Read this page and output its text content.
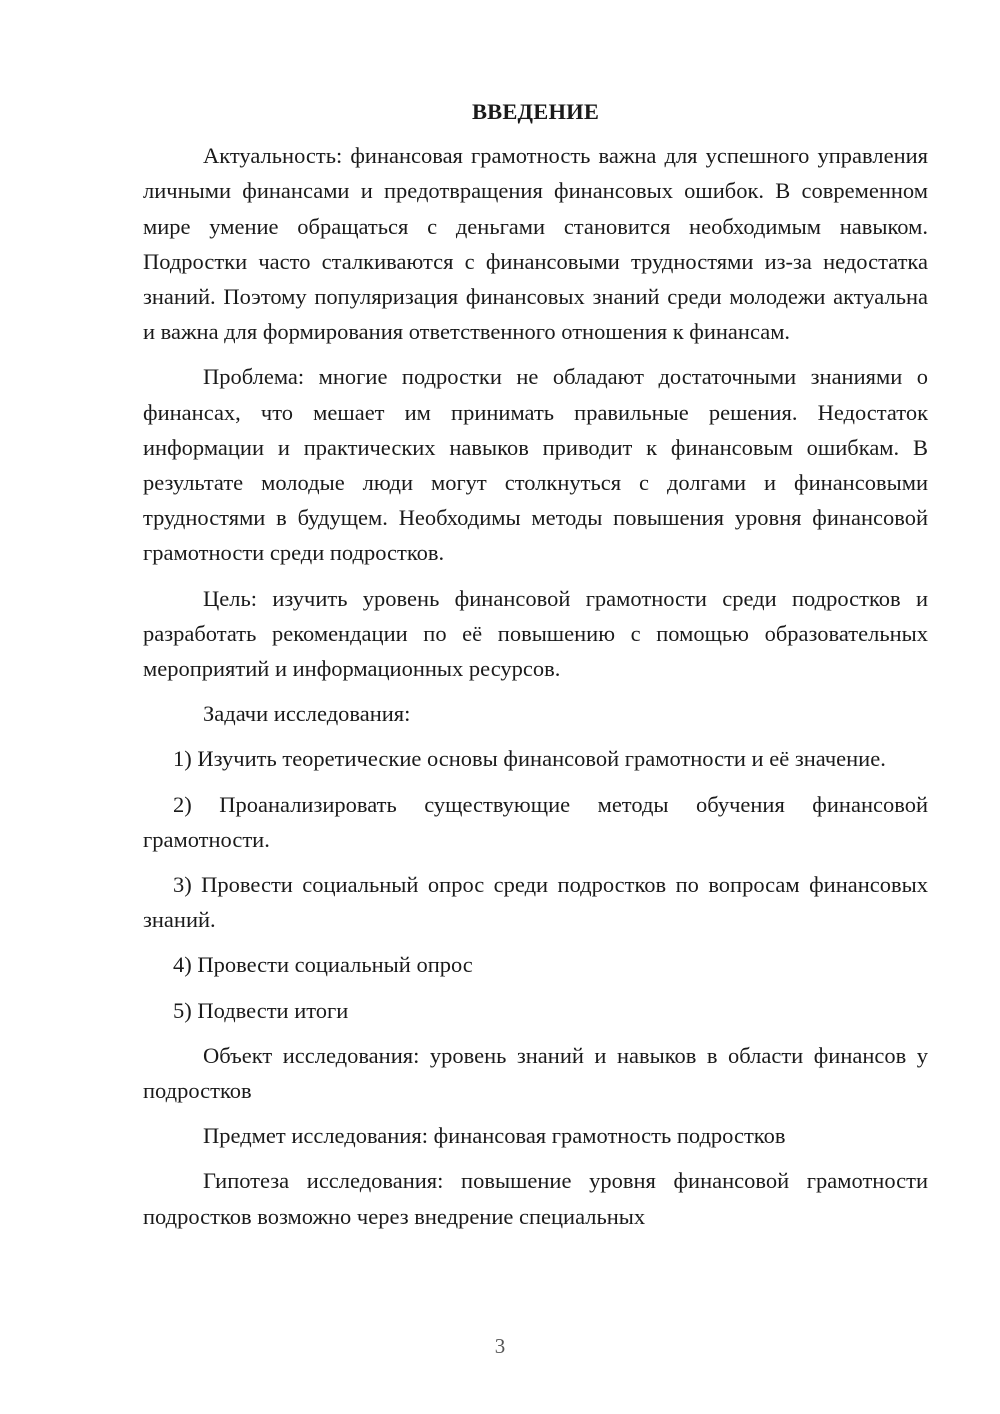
ВВЕДЕНИЕ

Актуальность: финансовая грамотность важна для успешного управления личными финансами и предотвращения финансовых ошибок. В современном мире умение обращаться с деньгами становится необходимым навыком. Подростки часто сталкиваются с финансовыми трудностями из-за недостатка знаний. Поэтому популяризация финансовых знаний среди молодежи актуальна и важна для формирования ответственного отношения к финансам.

Проблема: многие подростки не обладают достаточными знаниями о финансах, что мешает им принимать правильные решения. Недостаток информации и практических навыков приводит к финансовым ошибкам. В результате молодые люди могут столкнуться с долгами и финансовыми трудностями в будущем. Необходимы методы повышения уровня финансовой грамотности среди подростков.

Цель: изучить уровень финансовой грамотности среди подростков и разработать рекомендации по её повышению с помощью образовательных мероприятий и информационных ресурсов.

Задачи исследования:

1) Изучить теоретические основы финансовой грамотности и её значение.

2) Проанализировать существующие методы обучения финансовой грамотности.

3) Провести социальный опрос среди подростков по вопросам финансовых знаний.

4) Провести социальный опрос

5) Подвести итоги

Объект исследования: уровень знаний и навыков в области финансов у подростков

Предмет исследования: финансовая грамотность подростков

Гипотеза исследования: повышение уровня финансовой грамотности подростков возможно через внедрение специальных

3
